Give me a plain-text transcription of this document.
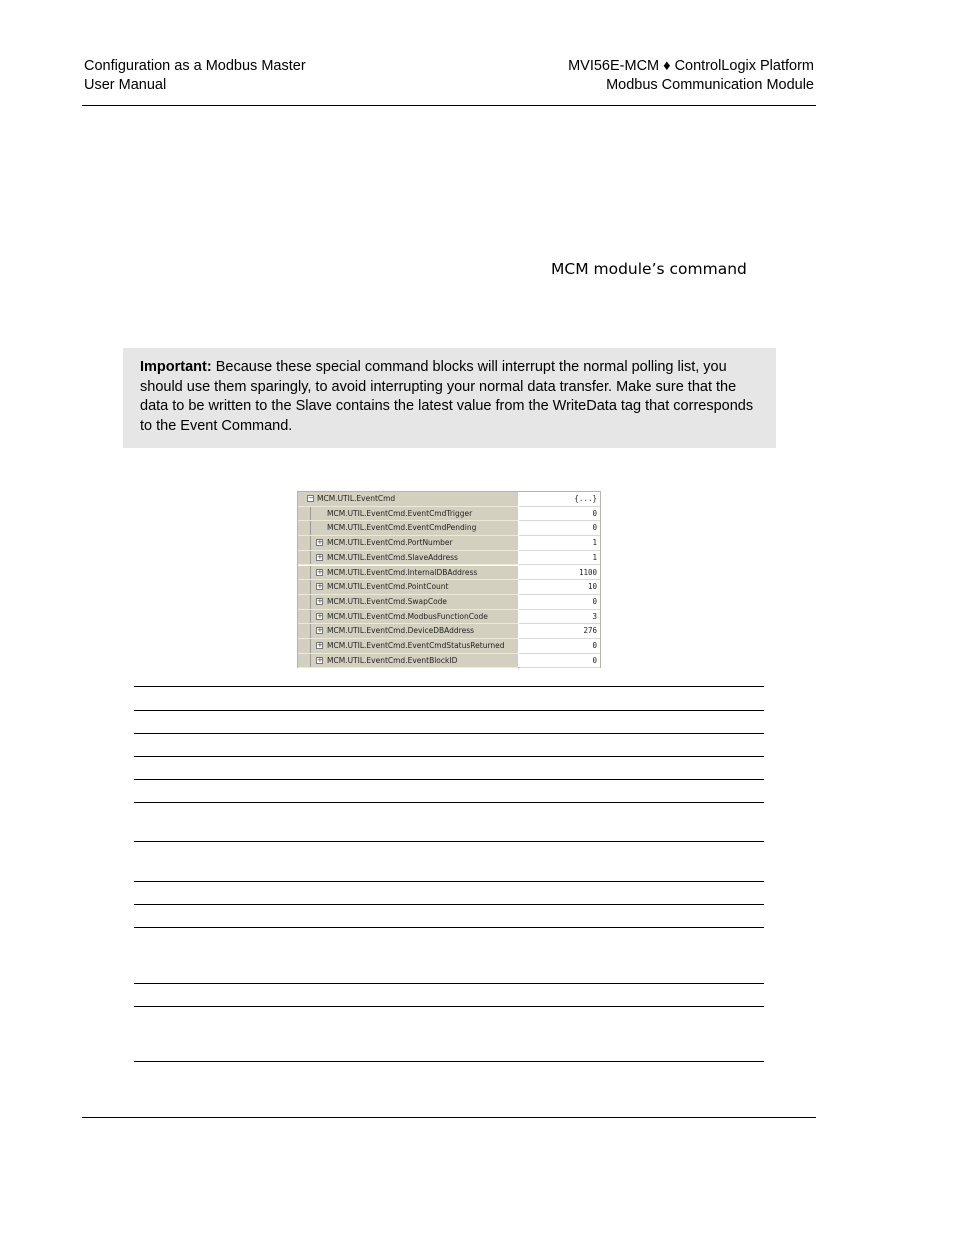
Configuration as a Modbus Master
User Manual
MVI56E-MCM ♦ ControlLogix Platform
Modbus Communication Module
MCM module’s command
Important: Because these special command blocks will interrupt the normal polling list, you should use them sparingly, to avoid interrupting your normal data transfer. Make sure that the data to be written to the Slave contains the latest value from the WriteData tag that corresponds to the Event Command.
− MCM.UTIL.EventCmd	{...}
MCM.UTIL.EventCmd.EventCmdTrigger	0
MCM.UTIL.EventCmd.EventCmdPending	0
+ MCM.UTIL.EventCmd.PortNumber	1
+ MCM.UTIL.EventCmd.SlaveAddress	1
+ MCM.UTIL.EventCmd.InternalDBAddress	1100
+ MCM.UTIL.EventCmd.PointCount	10
+ MCM.UTIL.EventCmd.SwapCode	0
+ MCM.UTIL.EventCmd.ModbusFunctionCode	3
+ MCM.UTIL.EventCmd.DeviceDBAddress	276
+ MCM.UTIL.EventCmd.EventCmdStatusReturned	0
+ MCM.UTIL.EventCmd.EventBlockID	0
